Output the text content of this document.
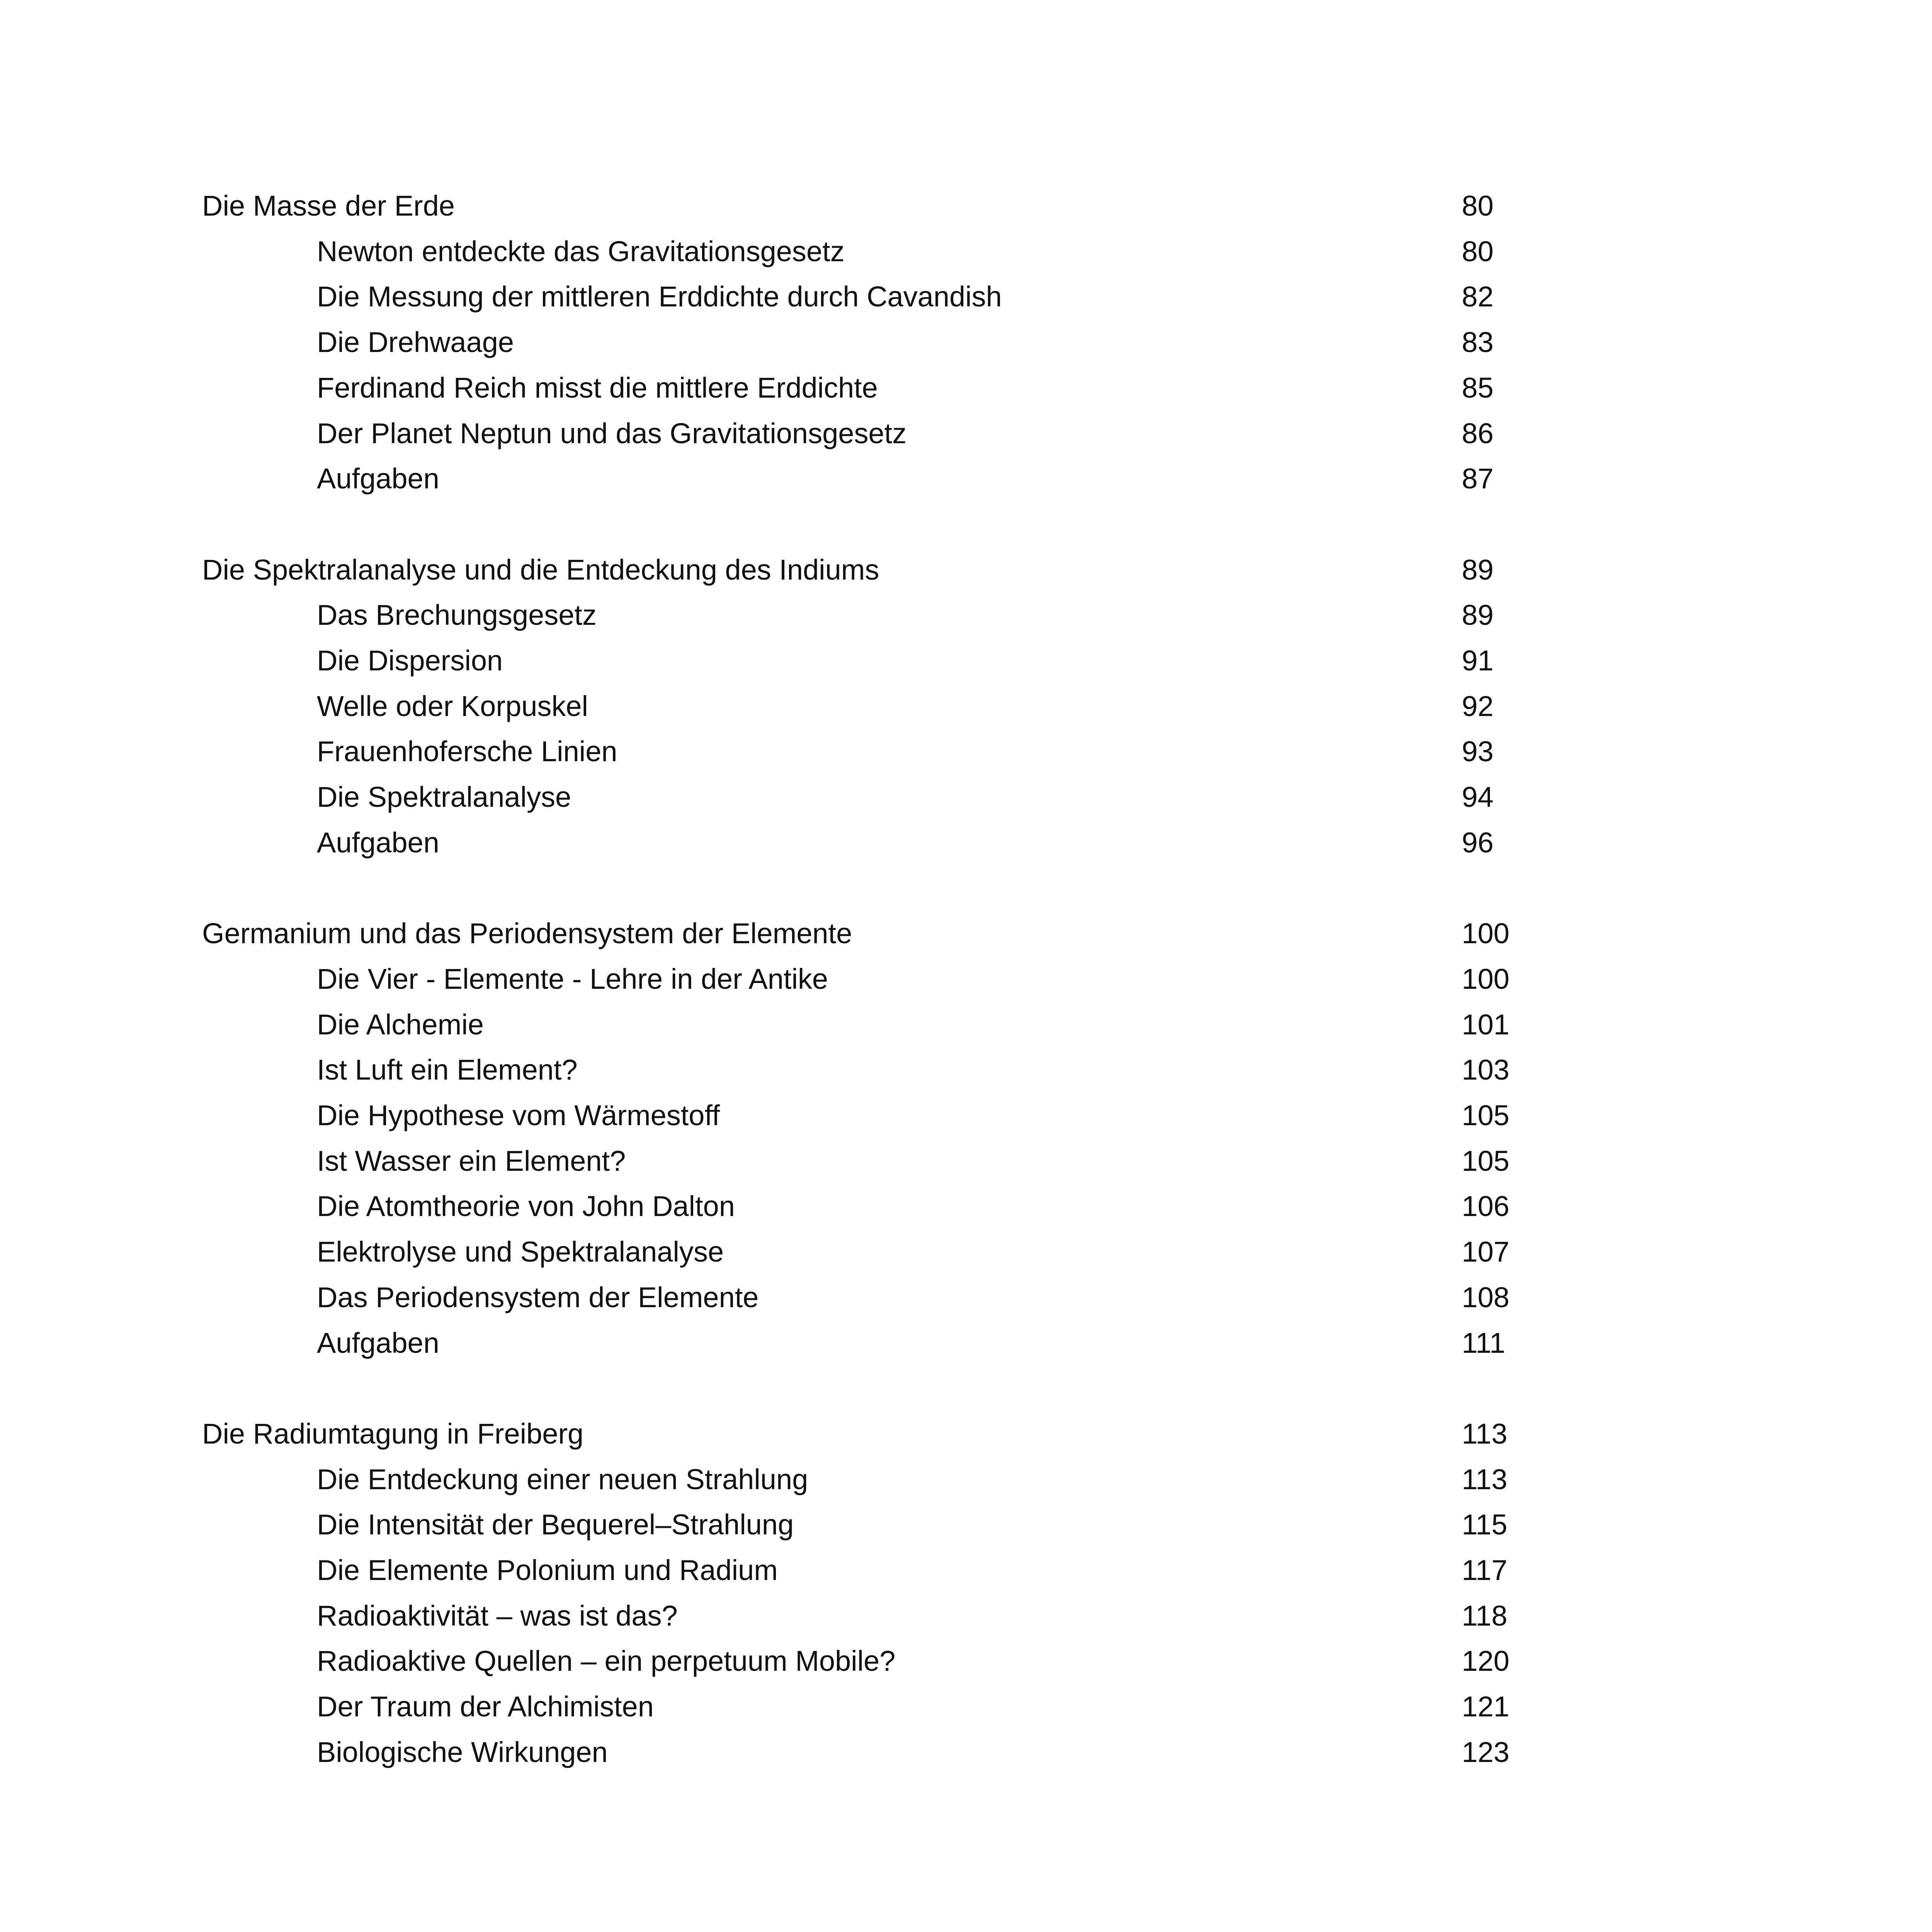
Die Masse der Erde	80
Newton entdeckte das Gravitationsgesetz	80
Die Messung der mittleren Erddichte durch Cavandish	82
Die Drehwaage	83
Ferdinand Reich misst die mittlere Erddichte	85
Der Planet Neptun und das Gravitationsgesetz	86
Aufgaben	87
Die Spektralanalyse und die Entdeckung des Indiums	89
Das Brechungsgesetz	89
Die Dispersion	91
Welle oder Korpuskel	92
Frauenhofersche Linien	93
Die Spektralanalyse	94
Aufgaben	96
Germanium und das Periodensystem der Elemente	100
Die Vier - Elemente - Lehre in der Antike	100
Die Alchemie	101
Ist Luft ein Element?	103
Die Hypothese vom Wärmestoff	105
Ist Wasser ein Element?	105
Die Atomtheorie von John Dalton	106
Elektrolyse und Spektralanalyse	107
Das Periodensystem der Elemente	108
Aufgaben	111
Die Radiumtagung in Freiberg	113
Die Entdeckung einer neuen Strahlung	113
Die Intensität der Bequerel–Strahlung	115
Die Elemente Polonium und Radium	117
Radioaktivität – was ist das?	118
Radioaktive Quellen – ein perpetuum Mobile?	120
Der Traum der Alchimisten	121
Biologische Wirkungen	123
